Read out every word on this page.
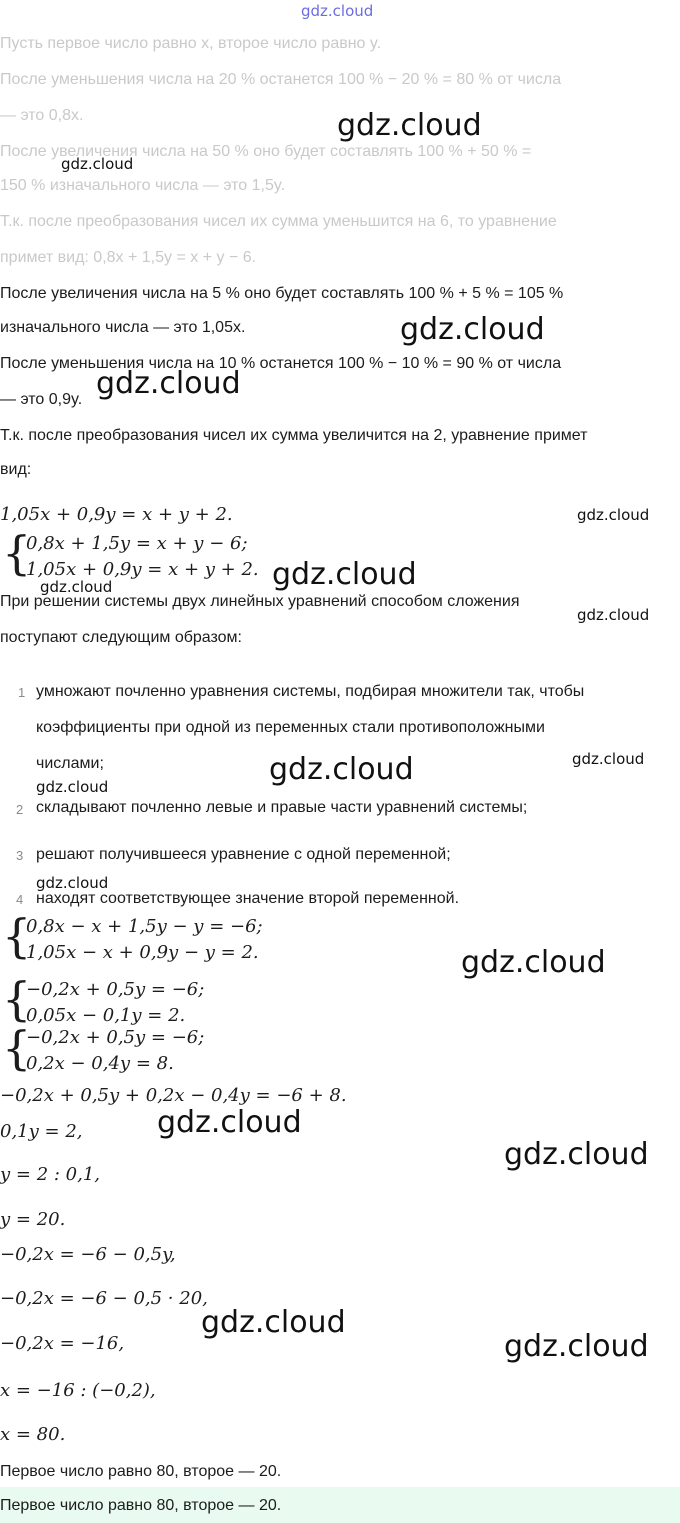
gdz.cloud
Пусть первое число равно x, второе число равно y.
После уменьшения числа на 20 % останется 100 % − 20 % = 80 % от числа
— это 0,8x.
После увеличения числа на 50 % оно будет составлять 100 % + 50 % =
150 % изначального числа — это 1,5y.
Т.к. после преобразования чисел их сумма уменьшится на 6, то уравнение
примет вид: 0,8x + 1,5y = x + y − 6.
После увеличения числа на 5 % оно будет составлять 100 % + 5 % = 105 %
изначального числа — это 1,05x.
После уменьшения числа на 10 % останется 100 % − 10 % = 90 % от числа
— это 0,9y.
Т.к. после преобразования чисел их сумма увеличится на 2, уравнение примет
вид:
1,05x + 0,9y = x + y + 2.
{
0,8x + 1,5y = x + y − 6;
1,05x + 0,9y = x + y + 2.
При решении системы двух линейных уравнений способом сложения
поступают следующим образом:
1 умножают почленно уравнения системы, подбирая множители так, чтобы
коэффициенты при одной из переменных стали противоположными
числами;
2 складывают почленно левые и правые части уравнений системы;
3 решают получившееся уравнение с одной переменной;
4 находят соответствующее значение второй переменной.
{
0,8x − x + 1,5y − y = −6;
1,05x − x + 0,9y − y = 2.
{
−0,2x + 0,5y = −6;
0,05x − 0,1y = 2.
{
−0,2x + 0,5y = −6;
0,2x − 0,4y = 8.
−0,2x + 0,5y + 0,2x − 0,4y = −6 + 8.
0,1y = 2,
y = 2 : 0,1,
y = 20.
−0,2x = −6 − 0,5y,
−0,2x = −6 − 0,5 · 20,
−0,2x = −16,
x = −16 : (−0,2),
x = 80.
Первое число равно 80, второе — 20.
Первое число равно 80, второе — 20.
gdz.cloud
gdz.cloud
gdz.cloud
gdz.cloud
gdz.cloud
gdz.cloud
gdz.cloud
gdz.cloud
gdz.cloud	gdz.cloud
gdz.cloud
gdz.cloud
gdz.cloud
gdz.cloud
gdz.cloud
gdz.cloud
gdz.cloud
